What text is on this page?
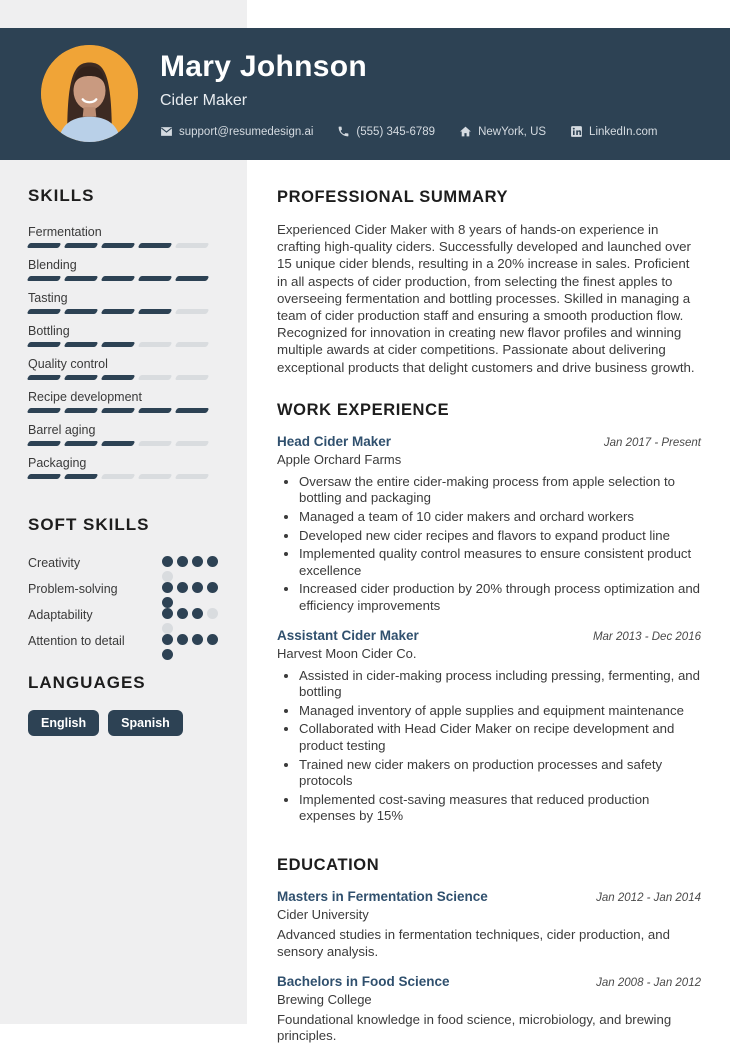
Mary Johnson
Cider Maker
support@resumedesign.ai	(555) 345-6789	NewYork, US	LinkedIn.com
SKILLS
Fermentation
Blending
Tasting
Bottling
Quality control
Recipe development
Barrel aging
Packaging
SOFT SKILLS
Creativity
Problem-solving
Adaptability
Attention to detail
LANGUAGES
English	Spanish
PROFESSIONAL SUMMARY

Experienced Cider Maker with 8 years of hands-on experience in crafting high-quality ciders. Successfully developed and launched over 15 unique cider blends, resulting in a 20% increase in sales. Proficient in all aspects of cider production, from selecting the finest apples to overseeing fermentation and bottling processes. Skilled in managing a team of cider production staff and ensuring a smooth production flow. Recognized for innovation in creating new flavor profiles and winning multiple awards at cider competitions. Passionate about delivering exceptional products that delight customers and drive business growth.

WORK EXPERIENCE
Head Cider Maker	Jan 2017 - Present
Apple Orchard Farms
• Oversaw the entire cider-making process from apple selection to bottling and packaging
• Managed a team of 10 cider makers and orchard workers
• Developed new cider recipes and flavors to expand product line
• Implemented quality control measures to ensure consistent product excellence
• Increased cider production by 20% through process optimization and efficiency improvements
Assistant Cider Maker	Mar 2013 - Dec 2016
Harvest Moon Cider Co.
• Assisted in cider-making process including pressing, fermenting, and bottling
• Managed inventory of apple supplies and equipment maintenance
• Collaborated with Head Cider Maker on recipe development and product testing
• Trained new cider makers on production processes and safety protocols
• Implemented cost-saving measures that reduced production expenses by 15%
EDUCATION
Masters in Fermentation Science	Jan 2012 - Jan 2014
Cider University

Advanced studies in fermentation techniques, cider production, and sensory analysis.

Bachelors in Food Science	Jan 2008 - Jan 2012
Brewing College

Foundational knowledge in food science, microbiology, and brewing principles.
